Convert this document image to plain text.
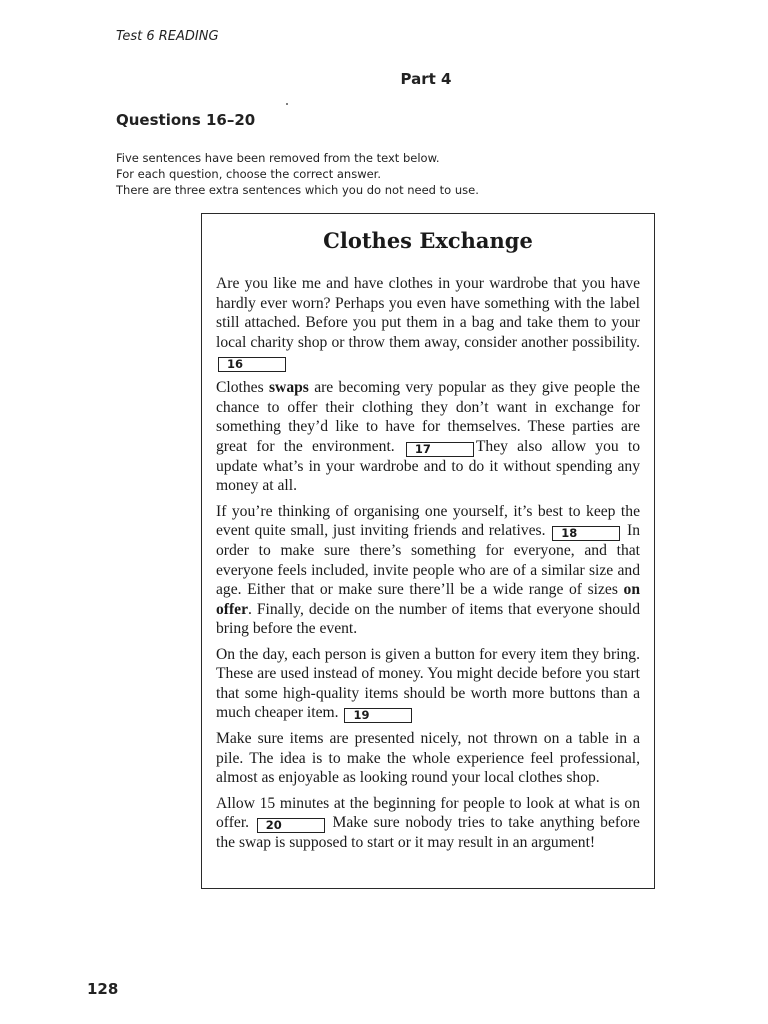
Test 6 READING
Part 4
Questions 16–20
Five sentences have been removed from the text below.
For each question, choose the correct answer.
There are three extra sentences which you do not need to use.
Clothes Exchange

Are you like me and have clothes in your wardrobe that you have hardly ever worn? Perhaps you even have something with the label still attached. Before you put them in a bag and take them to your local charity shop or throw them away, consider another possibility. 16

Clothes swaps are becoming very popular as they give people the chance to offer their clothing they don’t want in exchange for something they’d like to have for themselves. These parties are great for the environment. 17	They also allow you to update what’s in your wardrobe and to do it without spending any money at all.

If you’re thinking of organising one yourself, it’s best to keep the event quite small, just inviting friends and relatives. 18	In order to make sure there’s something for everyone, and that everyone feels included, invite people who are of a similar size and age. Either that or make sure there’ll be a wide range of sizes on offer. Finally, decide on the number of items that everyone should bring before the event.

On the day, each person is given a button for every item they bring. These are used instead of money. You might decide before you start that some high-quality items should be worth more buttons than a much cheaper item. 19

Make sure items are presented nicely, not thrown on a table in a pile. The idea is to make the whole experience feel professional, almost as enjoyable as looking round your local clothes shop.

Allow 15 minutes at the beginning for people to look at what is on offer. 20	Make sure nobody tries to take anything before the swap is supposed to start or it may result in an argument!

128
